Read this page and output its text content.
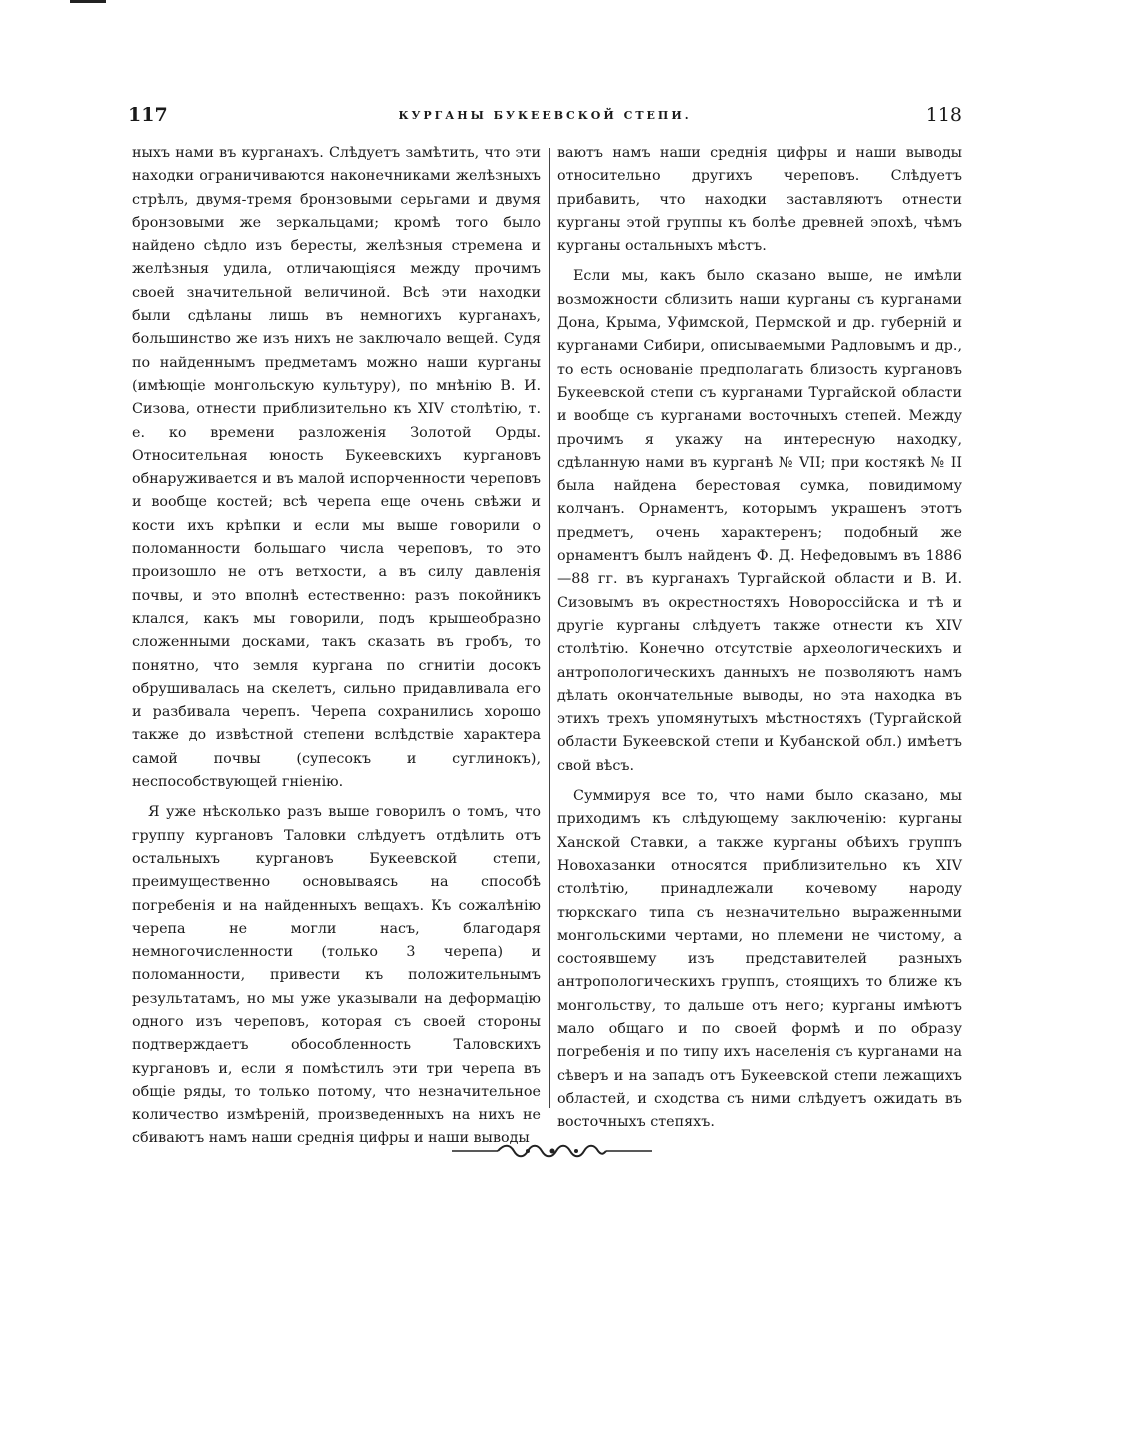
117	КУРГАНЫ БУКЕЕВСКОЙ СТЕПИ.	118

ныхъ нами въ курганахъ. Слѣдуетъ замѣтить, что эти находки ограничиваются наконечниками желѣзныхъ стрѣлъ, двумя-тремя бронзовыми серьгами и двумя бронзовыми же зеркальцами; кромѣ того было найдено сѣдло изъ бересты, желѣзныя стремена и желѣзныя удила, отличающіяся между прочимъ своей значительной величиной. Всѣ эти находки были сдѣланы лишь въ немногихъ курганахъ, большинство же изъ нихъ не заключало вещей. Судя по найденнымъ предметамъ можно наши курганы (имѣющіе монгольскую культуру), по мнѣнію В. И. Сизова, отнести приблизительно къ XIV столѣтію, т. е. ко времени разложенія Золотой Орды. Относительная юность Букеевскихъ кургановъ обнаруживается и въ малой испорченности череповъ и вообще костей; всѣ черепа еще очень свѣжи и кости ихъ крѣпки и если мы выше говорили о поломанности большаго числа череповъ, то это произошло не отъ ветхости, а въ силу давленія почвы, и это вполнѣ естественно: разъ покойникъ клался, какъ мы говорили, подъ крышеобразно сложенными досками, такъ сказать въ гробъ, то понятно, что земля кургана по сгнитіи досокъ обрушивалась на скелетъ, сильно придавливала его и разбивала черепъ. Черепа сохранились хорошо также до извѣстной степени вслѣдствіе характера самой почвы (супесокъ и суглинокъ), неспособствующей гніенію.

Я уже нѣсколько разъ выше говорилъ о томъ, что группу кургановъ Таловки слѣдуетъ отдѣлить отъ остальныхъ кургановъ Букеевской степи, преимущественно основываясь на способѣ погребенія и на найденныхъ вещахъ. Къ сожалѣнію черепа не могли насъ, благодаря немногочисленности (только 3 черепа) и поломанности, привести къ положительнымъ результатамъ, но мы уже указывали на деформацію одного изъ череповъ, которая съ своей стороны подтверждаетъ обособленность Таловскихъ кургановъ и, если я помѣстилъ эти три черепа въ общіе ряды, то только потому, что незначительное количество измѣреній, произведенныхъ на нихъ не сбиваютъ намъ наши среднія цифры и наши выводы

ваютъ намъ наши среднія цифры и наши выводы относительно другихъ череповъ. Слѣдуетъ прибавить, что находки заставляютъ отнести курганы этой группы къ болѣе древней эпохѣ, чѣмъ курганы остальныхъ мѣстъ.

Если мы, какъ было сказано выше, не имѣли возможности сблизить наши курганы съ курганами Дона, Крыма, Уфимской, Пермской и др. губерній и курганами Сибири, описываемыми Радловымъ и др., то есть основаніе предполагать близость кургановъ Букеевской степи съ курганами Тургайской области и вообще съ курганами восточныхъ степей. Между прочимъ я укажу на интересную находку, сдѣланную нами въ курганѣ № VII; при костякѣ № II была найдена берестовая сумка, повидимому колчанъ. Орнаментъ, которымъ украшенъ этотъ предметъ, очень характеренъ; подобный же орнаментъ былъ найденъ Ф. Д. Нефедовымъ въ 1886—88 гг. въ курганахъ Тургайской области и В. И. Сизовымъ въ окрестностяхъ Новороссійска и тѣ и другіе курганы слѣдуетъ также отнести къ XIV столѣтію. Конечно отсутствіе археологическихъ и антропологическихъ данныхъ не позволяютъ намъ дѣлать окончательные выводы, но эта находка въ этихъ трехъ упомянутыхъ мѣстностяхъ (Тургайской области Букеевской степи и Кубанской обл.) имѣетъ свой вѣсъ.

Суммируя все то, что нами было сказано, мы приходимъ къ слѣдующему заключенію: курганы Ханской Ставки, а также курганы обѣихъ группъ Новохазанки относятся приблизительно къ XIV столѣтію, принадлежали кочевому народу тюркскаго типа съ незначительно выраженными монгольскими чертами, но племени не чистому, а состоявшему изъ представителей разныхъ антропологическихъ группъ, стоящихъ то ближе къ монгольству, то дальше отъ него; курганы имѣютъ мало общаго и по своей формѣ и по образу погребенія и по типу ихъ населенія съ курганами на сѣверъ и на западъ отъ Букеевской степи лежащихъ областей, и сходства съ ними слѣдуетъ ожидать въ восточныхъ степяхъ.
